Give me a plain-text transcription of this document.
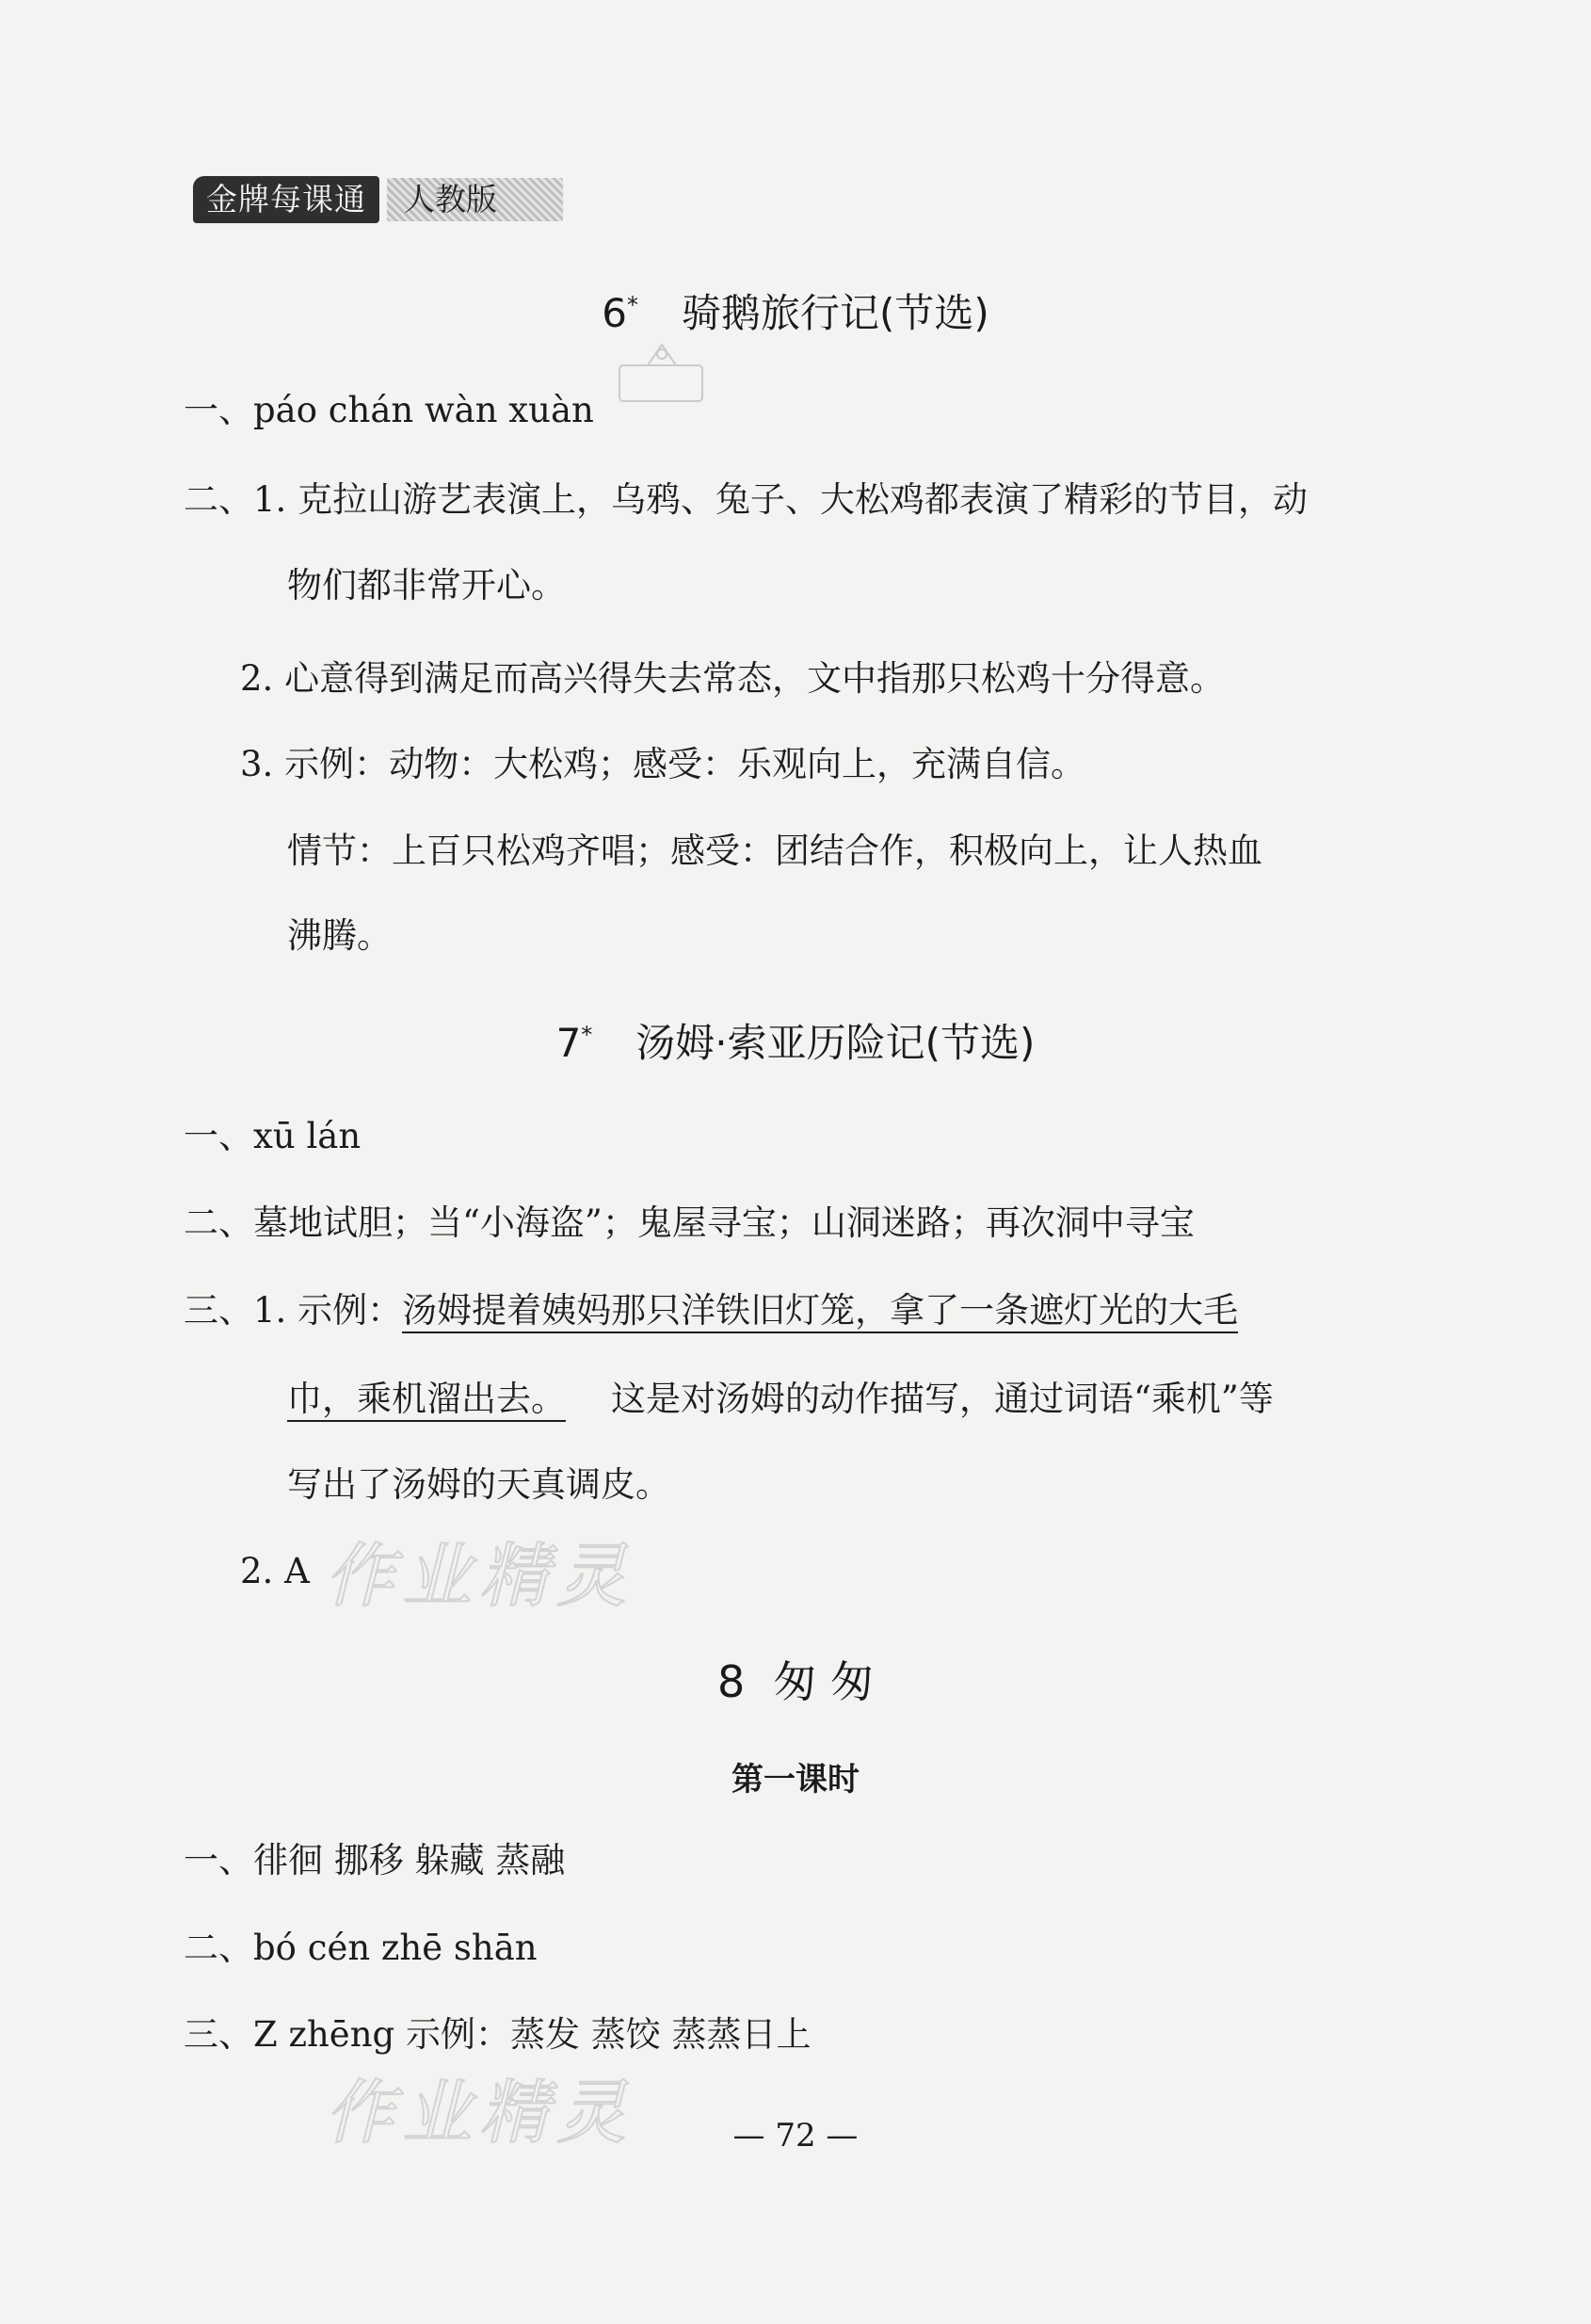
金牌每课通	人教版
6* 骑鹅旅行记(节选)
一、páo chán wàn xuàn
二、1. 克拉山游艺表演上，乌鸦、兔子、大松鸡都表演了精彩的节目，动
物们都非常开心。
2. 心意得到满足而高兴得失去常态，文中指那只松鸡十分得意。
3. 示例：动物：大松鸡；感受：乐观向上，充满自信。
情节：上百只松鸡齐唱；感受：团结合作，积极向上，让人热血
沸腾。
7* 汤姆·索亚历险记(节选)
一、xū lán
二、墓地试胆；当“小海盗”；鬼屋寻宝；山洞迷路；再次洞中寻宝
三、1. 示例：汤姆提着姨妈那只洋铁旧灯笼，拿了一条遮灯光的大毛
巾，乘机溜出去。 这是对汤姆的动作描写，通过词语“乘机”等
写出了汤姆的天真调皮。
2. A 作业精灵
8 匆 匆
第一课时
一、徘徊 挪移 躲藏 蒸融
二、bó cén zhē shān
三、Z zhēng 示例：蒸发 蒸饺 蒸蒸日上
作业精灵	— 72 —
